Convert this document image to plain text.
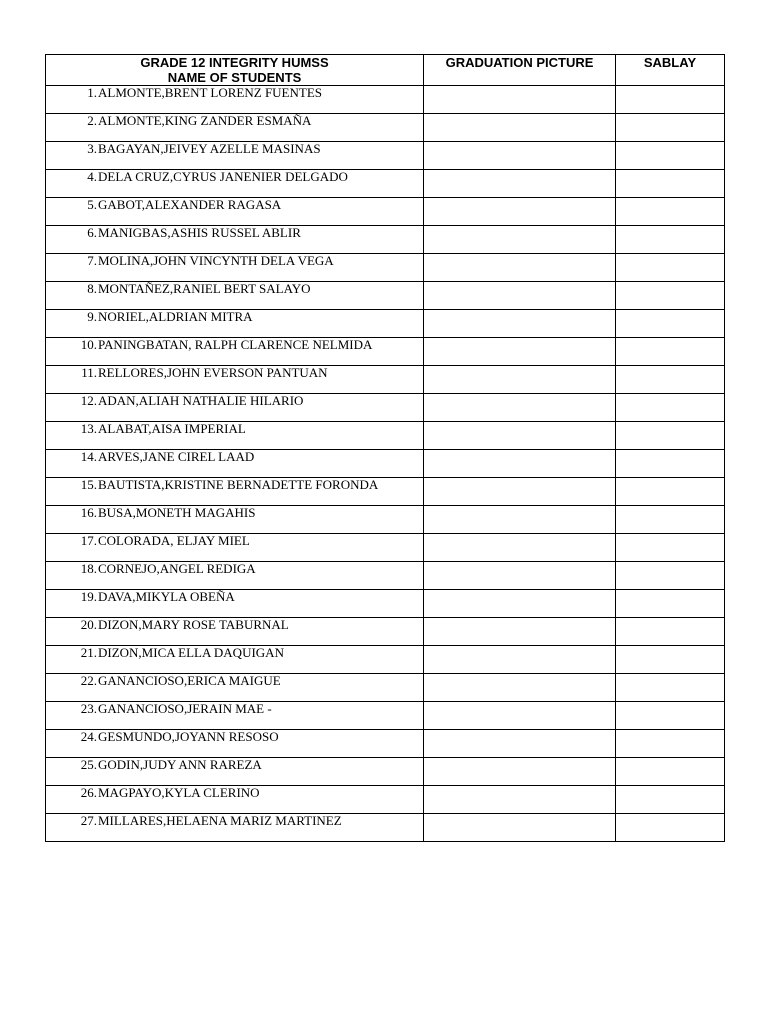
GRADE 12 INTEGRITY HUMSS
NAME OF STUDENTS	GRADUATION PICTURE	SABLAY
1.ALMONTE,BRENT LORENZ FUENTES		
2.ALMONTE,KING ZANDER ESMAÑA		
3.BAGAYAN,JEIVEY AZELLE MASINAS		
4.DELA CRUZ,CYRUS JANENIER DELGADO		
5.GABOT,ALEXANDER RAGASA		
6.MANIGBAS,ASHIS RUSSEL ABLIR		
7.MOLINA,JOHN VINCYNTH DELA VEGA		
8.MONTAÑEZ,RANIEL BERT SALAYO		
9.NORIEL,ALDRIAN MITRA		
10.PANINGBATAN, RALPH CLARENCE NELMIDA		
11.RELLORES,JOHN EVERSON PANTUAN		
12.ADAN,ALIAH NATHALIE HILARIO		
13.ALABAT,AISA IMPERIAL		
14.ARVES,JANE CIREL LAAD		
15.BAUTISTA,KRISTINE BERNADETTE FORONDA		
16.BUSA,MONETH MAGAHIS		
17.COLORADA, ELJAY MIEL		
18.CORNEJO,ANGEL REDIGA		
19.DAVA,MIKYLA OBEÑA		
20.DIZON,MARY ROSE TABURNAL		
21.DIZON,MICA ELLA DAQUIGAN		
22.GANANCIOSO,ERICA MAIGUE		
23.GANANCIOSO,JERAIN MAE -		
24.GESMUNDO,JOYANN RESOSO		
25.GODIN,JUDY ANN RAREZA		
26.MAGPAYO,KYLA CLERINO		
27.MILLARES,HELAENA MARIZ MARTINEZ		
